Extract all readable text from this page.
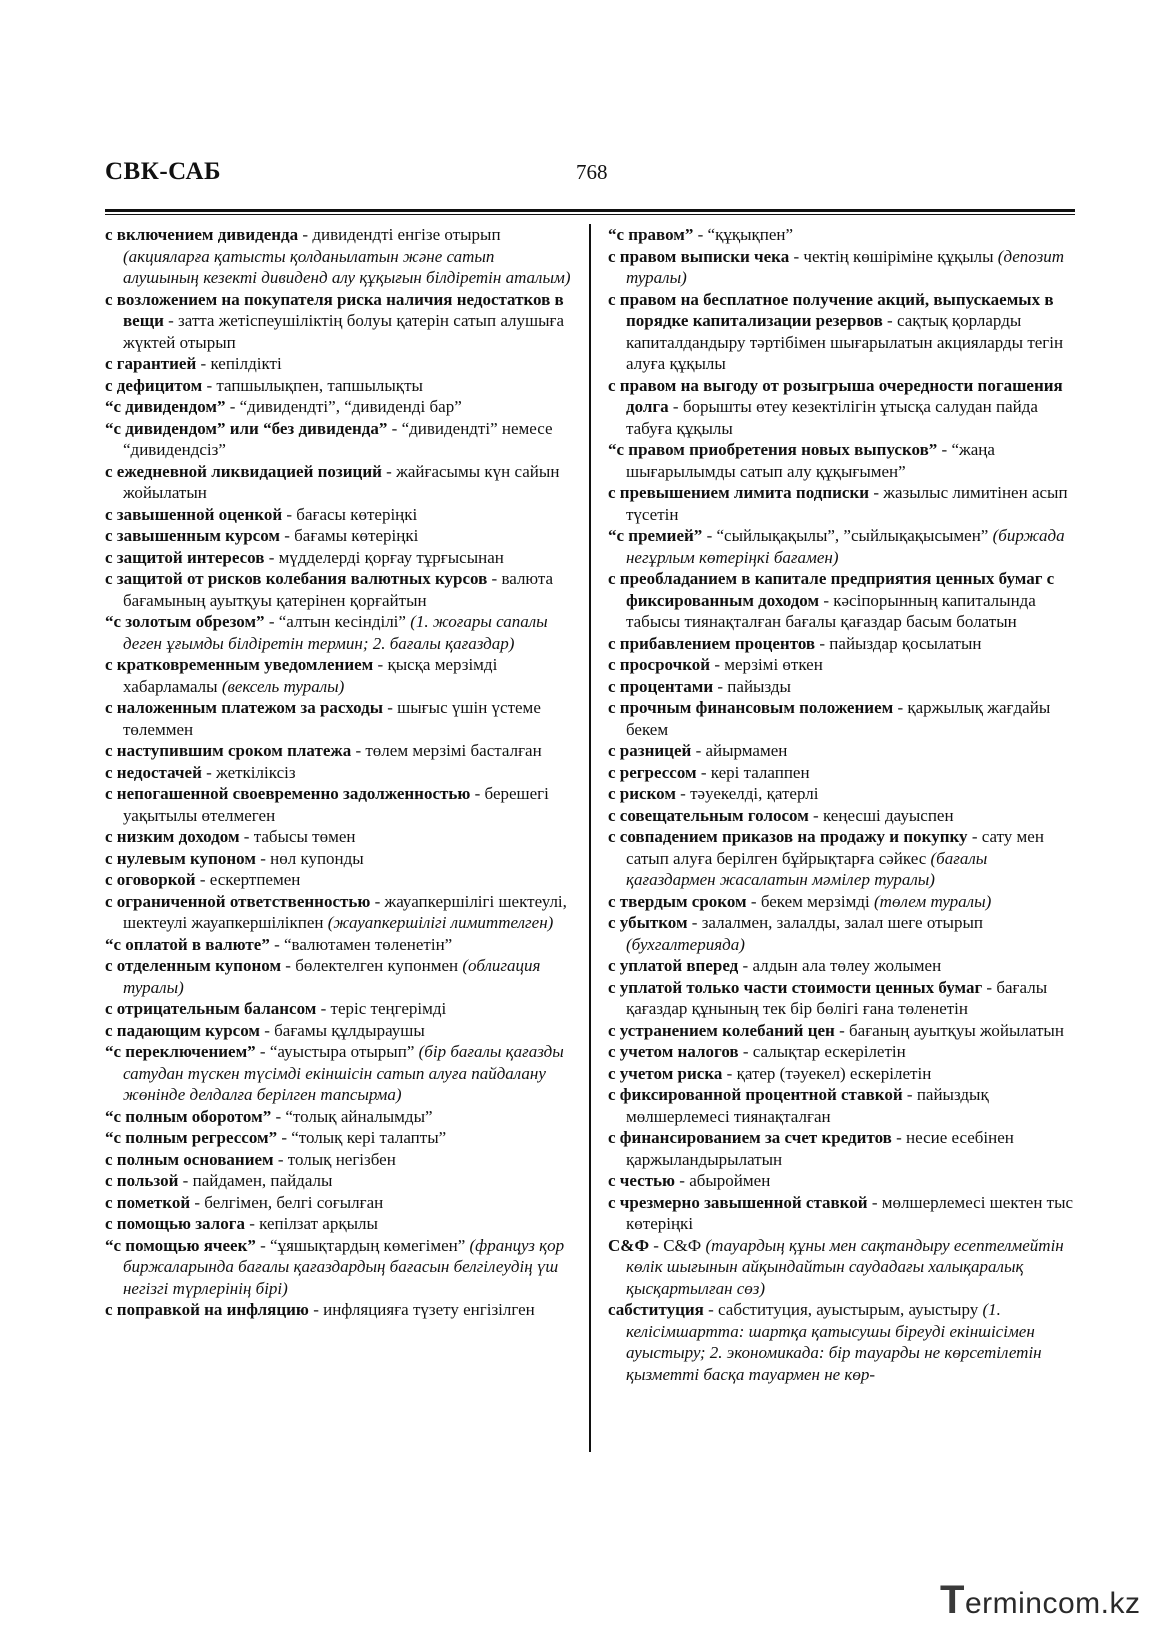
СВК-САБ	768

с включением дивиденда - дивидендті енгізе отырып (акцияларға қатысты қолданылатын және сатып алушының кезекті дивиденд алу құқығын білдіретін аталым)

с возложением на покупателя риска наличия недостатков в вещи - затта жетіспеушіліктің болуы қатерін сатып алушыға жүктей отырып

с гарантией - кепілдікті

с дефицитом - тапшылықпен, тапшылықты

“с дивидендом” - “дивидендті”, “дивиденді бар”

“с дивидендом” или “без дивиденда” - “дивидендті” немесе “дивидендсіз”

с ежедневной ликвидацией позиций - жайғасымы күн сайын жойылатын

с завышенной оценкой - бағасы көтеріңкі

с завышенным курсом - бағамы көтеріңкі

с защитой интересов - мүдделерді қорғау тұрғысынан

с защитой от рисков колебания валютных курсов - валюта бағамының ауытқуы қатерінен қорғайтын

“с золотым обрезом” - “алтын кесінділі” (1. жоғары сапалы деген ұғымды білдіретін термин; 2. бағалы қағаздар)

с кратковременным уведомлением - қысқа мерзімді хабарламалы (вексель туралы)

с наложенным платежом за расходы - шығыс үшін үстеме төлеммен

с наступившим сроком платежа - төлем мерзімі басталған

с недостачей - жеткіліксіз

с непогашенной своевременно задолженностью - берешегі уақытылы өтелмеген

с низким доходом - табысы төмен

с нулевым купоном - нөл купонды

с оговоркой - ескертпемен

с ограниченной ответственностью - жауапкершілігі шектеулі, шектеулі жауапкершілікпен (жауапкершілігі лимиттелген)

“с оплатой в валюте” - “валютамен төленетін”

с отделенным купоном - бөлектелген купонмен (облигация туралы)

с отрицательным балансом - теріс теңгерімді

с падающим курсом - бағамы құлдыраушы

“с переключением” - “ауыстыра отырып” (бір бағалы қағазды сатудан түскен түсімді екіншісін сатып алуға пайдалану жөнінде делдалға берілген тапсырма)

“с полным оборотом” - “толық айналымды”

“с полным регрессом” - “толық кері талапты”

с полным основанием - толық негізбен

с пользой - пайдамен, пайдалы

с пометкой - белгімен, белгі соғылған

с помощью залога - кепілзат арқылы

“с помощью ячеек” - “ұяшықтардың көмегімен” (француз қор биржаларында бағалы қағаздардың бағасын белгілеудің үш негізгі түрлерінің бірі)

с поправкой на инфляцию - инфляцияға түзету енгізілген

“с правом” - “құқықпен”

с правом выписки чека - чектің көшіріміне құқылы (депозит туралы)

с правом на бесплатное получение акций, выпускаемых в порядке капитализации резервов - сақтық қорларды капиталдандыру тәртібімен шығарылатын акцияларды тегін алуға құқылы

с правом на выгоду от розыгрыша очередности погашения долга - борышты өтеу кезектілігін ұтысқа салудан пайда табуға құқылы

“с правом приобретения новых выпусков” - “жаңа шығарылымды сатып алу құқығымен”

с превышением лимита подписки - жазылыс лимитінен асып түсетін

“с премией” - “сыйлықақылы”, ”сыйлықақысымен” (биржада негұрлым көтеріңкі бағамен)

с преобладанием в капитале предприятия ценных бумаг с фиксированным доходом - кәсіпорынның капиталында табысы тиянақталған бағалы қағаздар басым болатын

с прибавлением процентов - пайыздар қосылатын

с просрочкой - мерзімі өткен

с процентами - пайызды

с прочным финансовым положением - қаржылық жағдайы бекем

с разницей - айырмамен

с регрессом - кері талаппен

с риском - тәуекелді, қатерлі

с совещательным голосом - кеңесші дауыспен

с совпадением приказов на продажу и покупку - сату мен сатып алуға берілген бұйрықтарға сәйкес (бағалы қағаздармен жасалатын мәмілер туралы)

с твердым сроком - бекем мерзімді (төлем туралы)

с убытком - залалмен, залалды, залал шеге отырып (бухгалтерияда)

с уплатой вперед - алдын ала төлеу жолымен

с уплатой только части стоимости ценных бумаг - бағалы қағаздар құнының тек бір бөлігі ғана төленетін

с устранением колебаний цен - бағаның ауытқуы жойылатын

с учетом налогов - салықтар ескерілетін

с учетом риска - қатер (тәуекел) ескерілетін

с фиксированной процентной ставкой - пайыздық мөлшерлемесі тиянақталған

с финансированием за счет кредитов - несие есебінен қаржыландырылатын

с честью - абыроймен

с чрезмерно завышенной ставкой - мөлшерлемесі шектен тыс көтеріңкі

C&Ф - C&Ф (тауардың құны мен сақтандыру есептелмейтін көлік шығынын айқындайтын саудадағы халықаралық қысқартылған сөз)

сабституция - сабституция, ауыстырым, ауыстыру (1. келісімшартта: шартқа қатысушы біреуді екіншісімен ауыстыру; 2. экономикада: бір тауарды не көрсетілетін қызметті басқа тауармен не көр-

Termincom.kz
